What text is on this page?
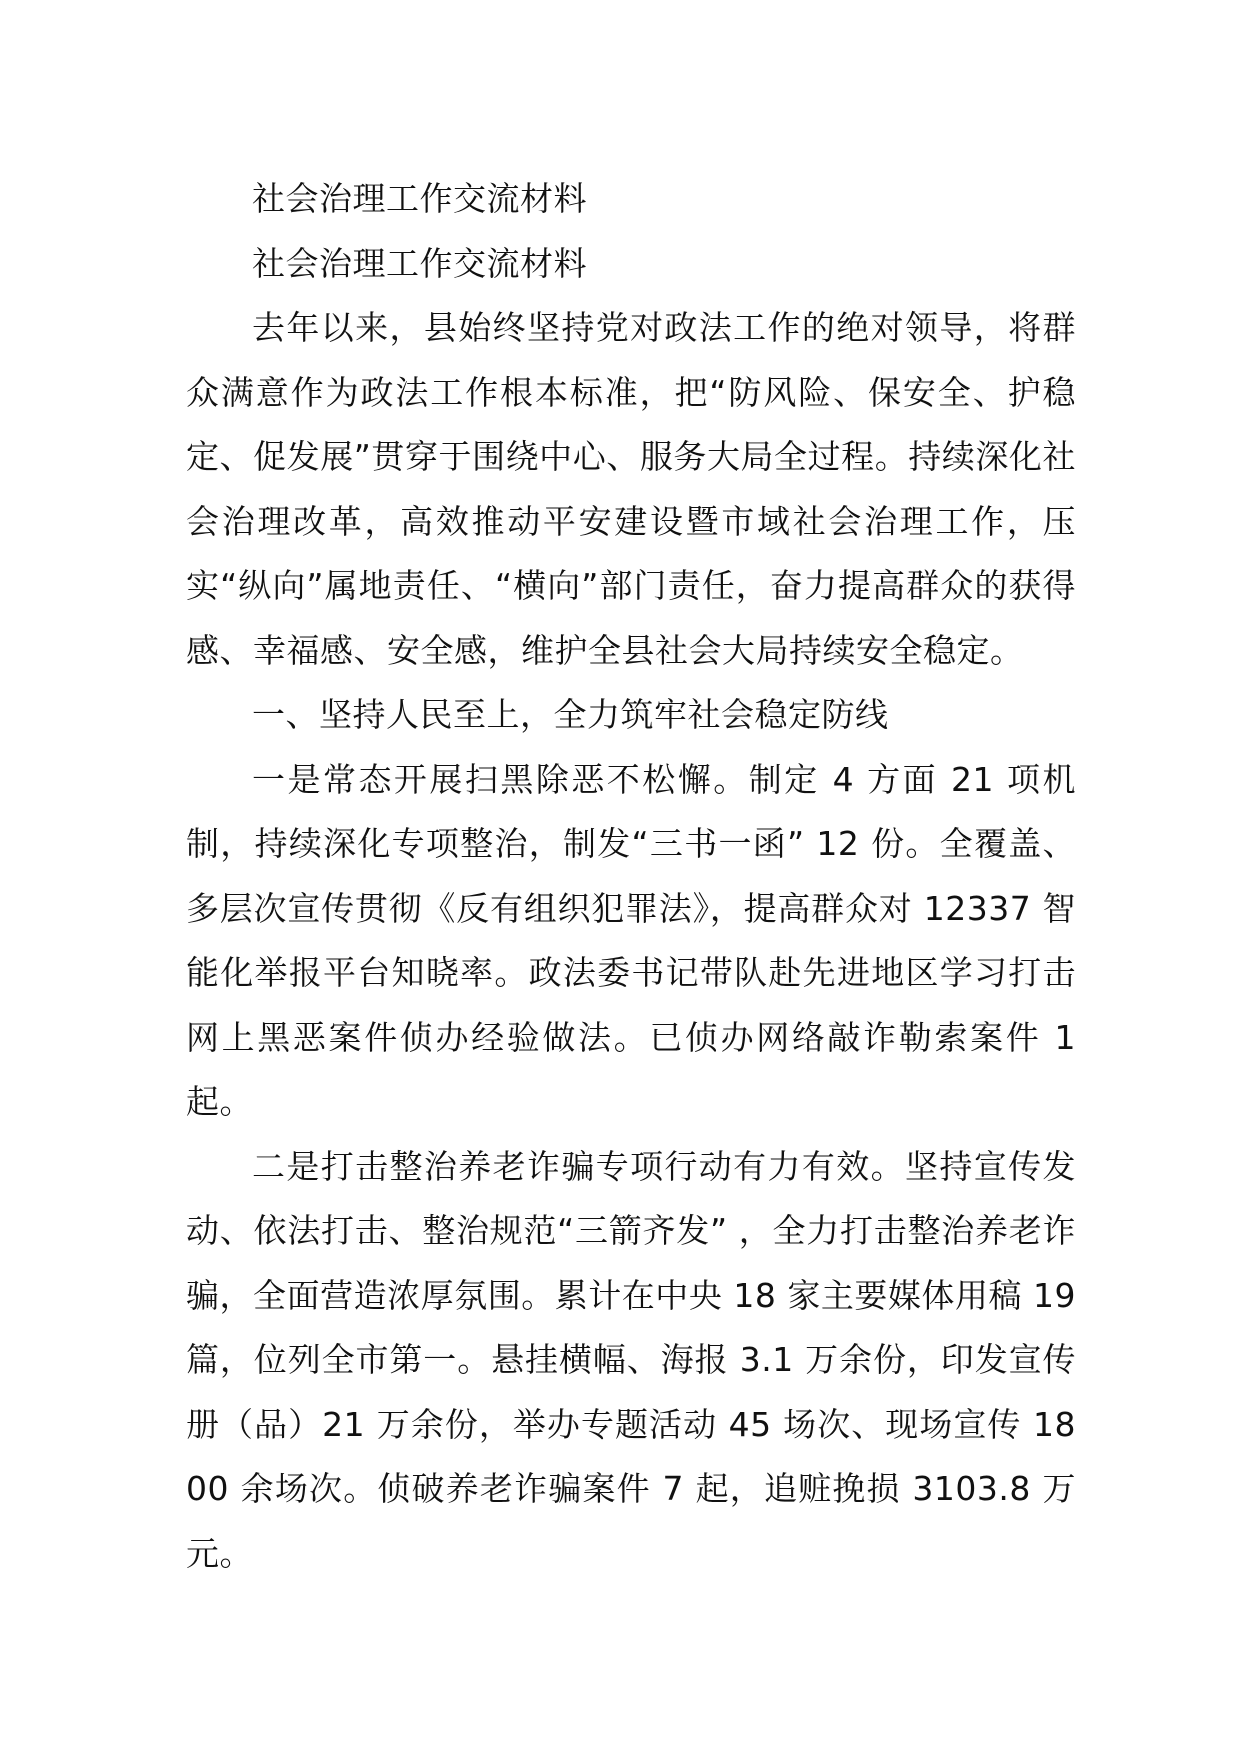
社会治理工作交流材料

社会治理工作交流材料

去年以来，县始终坚持党对政法工作的绝对领导，将群众满意作为政法工作根本标准，把“防风险、保安全、护稳定、促发展”贯穿于围绕中心、服务大局全过程。持续深化社会治理改革，高效推动平安建设暨市域社会治理工作，压实“纵向”属地责任、“横向”部门责任，奋力提高群众的获得感、幸福感、安全感，维护全县社会大局持续安全稳定。

一、坚持人民至上，全力筑牢社会稳定防线

一是常态开展扫黑除恶不松懈。制定 4 方面 21 项机制，持续深化专项整治，制发“三书一函” 12 份。全覆盖、多层次宣传贯彻《反有组织犯罪法》，提高群众对 12337 智能化举报平台知晓率。政法委书记带队赴先进地区学习打击网上黑恶案件侦办经验做法。已侦办网络敲诈勒索案件 1 起。

二是打击整治养老诈骗专项行动有力有效。坚持宣传发动、依法打击、整治规范“三箭齐发” ，全力打击整治养老诈骗，全面营造浓厚氛围。累计在中央 18 家主要媒体用稿 19 篇，位列全市第一。悬挂横幅、海报 3.1 万余份，印发宣传册（品）21 万余份，举办专题活动 45 场次、现场宣传 1800 余场次。侦破养老诈骗案件 7 起，追赃挽损 3103.8 万元。
